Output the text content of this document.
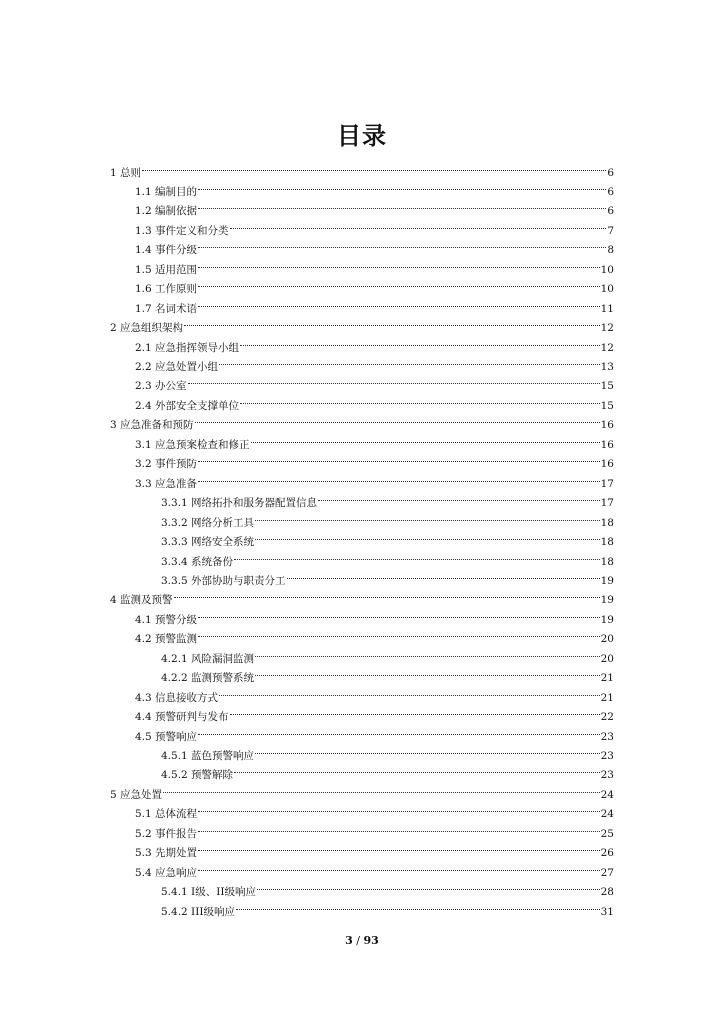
目录
1 总则	6
1.1 编制目的	6
1.2 编制依据	6
1.3 事件定义和分类	7
1.4 事件分级	8
1.5 适用范围	10
1.6 工作原则	10
1.7 名词术语	11
2 应急组织架构	12
2.1 应急指挥领导小组	12
2.2 应急处置小组	13
2.3 办公室	15
2.4 外部安全支撑单位	15
3 应急准备和预防	16
3.1 应急预案检查和修正	16
3.2 事件预防	16
3.3 应急准备	17
3.3.1 网络拓扑和服务器配置信息	17
3.3.2 网络分析工具	18
3.3.3 网络安全系统	18
3.3.4 系统备份	18
3.3.5 外部协助与职责分工	19
4 监测及预警	19
4.1 预警分级	19
4.2 预警监测	20
4.2.1 风险漏洞监测	20
4.2.2 监测预警系统	21
4.3 信息接收方式	21
4.4 预警研判与发布	22
4.5 预警响应	23
4.5.1 蓝色预警响应	23
4.5.2 预警解除	23
5 应急处置	24
5.1 总体流程	24
5.2 事件报告	25
5.3 先期处置	26
5.4 应急响应	27
5.4.1 I级、II级响应	28
5.4.2 III级响应	31
3 / 93
